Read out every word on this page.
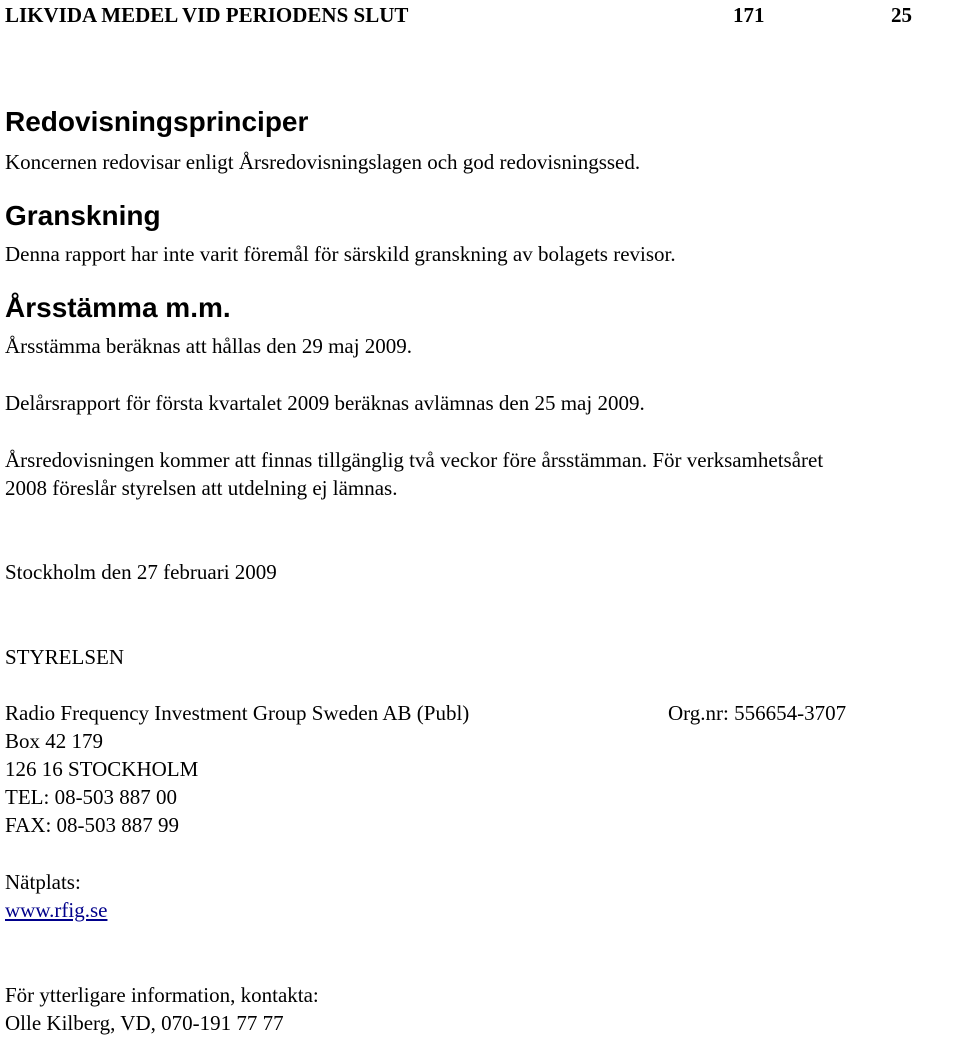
LIKVIDA MEDEL VID PERIODENS SLUT	171	25
Redovisningsprinciper
Koncernen redovisar enligt Årsredovisningslagen och god redovisningssed.
Granskning
Denna rapport har inte varit föremål för särskild granskning av bolagets revisor.
Årsstämma m.m.
Årsstämma beräknas att hållas den 29 maj 2009.
Delårsrapport för första kvartalet 2009 beräknas avlämnas den 25 maj 2009.
Årsredovisningen kommer att finnas tillgänglig två veckor före årsstämman. För verksamhetsåret
2008 föreslår styrelsen att utdelning ej lämnas.
Stockholm den 27 februari 2009
STYRELSEN
Radio Frequency Investment Group Sweden AB (Publ)	Org.nr: 556654-3707
Box 42 179
126 16 STOCKHOLM
TEL: 08-503 887 00
FAX: 08-503 887 99
Nätplats:
www.rfig.se
För ytterligare information, kontakta:
Olle Kilberg, VD, 070-191 77 77
